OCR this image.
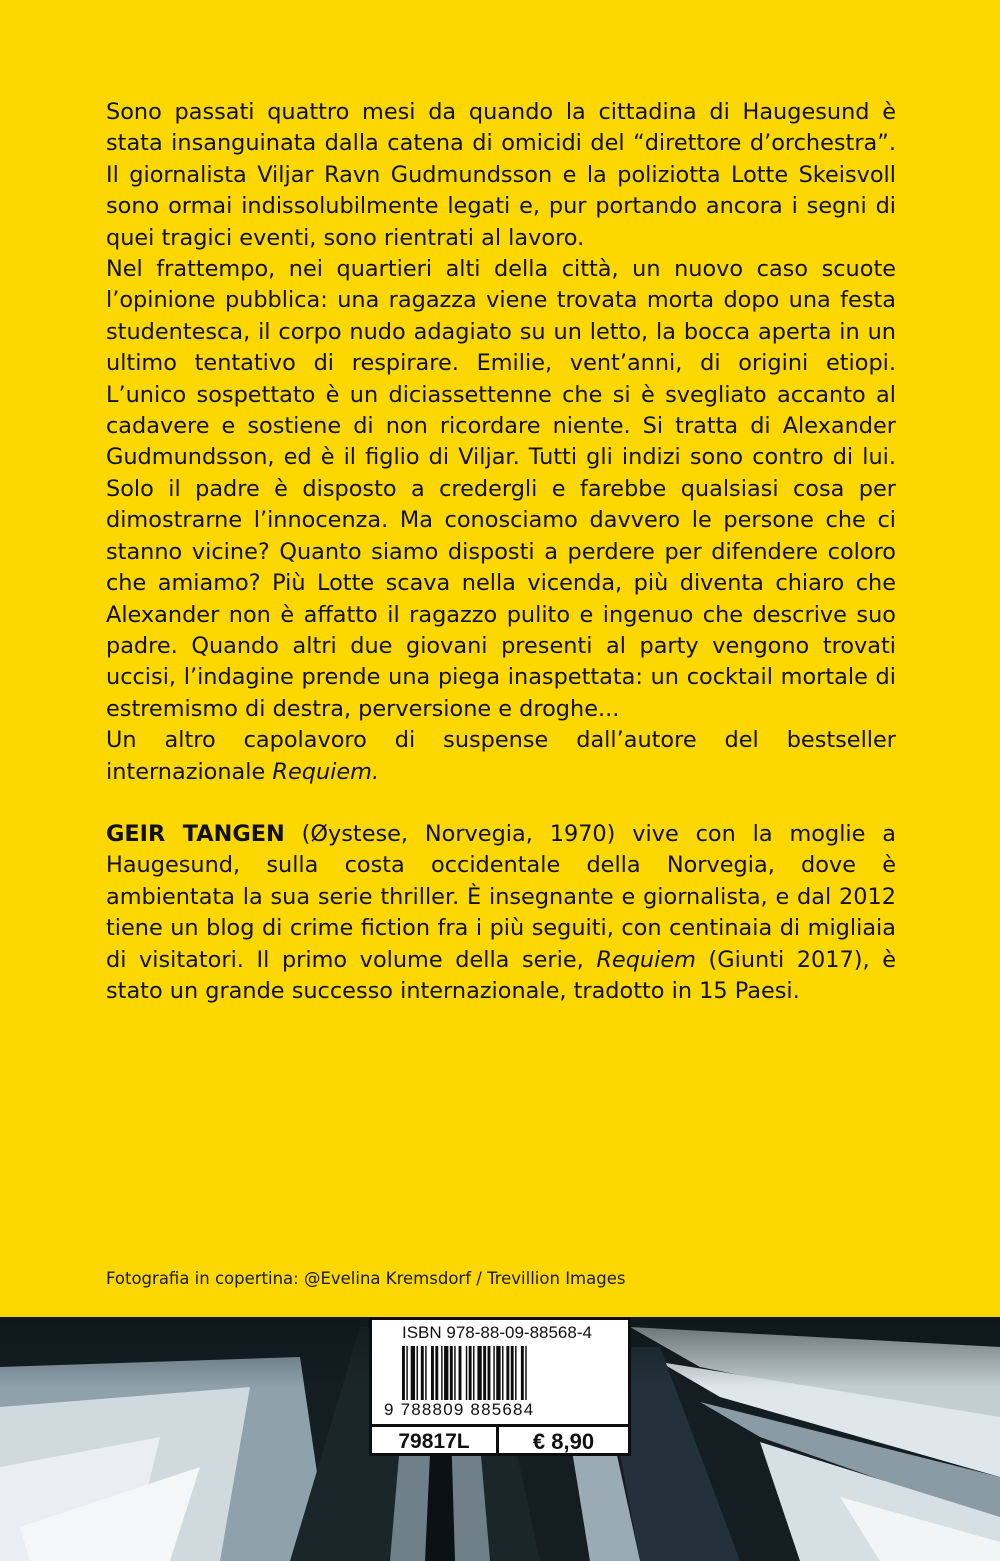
Sono passati quattro mesi da quando la cittadina di Haugesund è stata insanguinata dalla catena di omicidi del “direttore d’orchestra”. Il giornalista Viljar Ravn Gudmundsson e la poliziotta Lotte Skeisvoll sono ormai indissolubilmente legati e, pur portando ancora i segni di quei tragici eventi, sono rientrati al lavoro.

Nel frattempo, nei quartieri alti della città, un nuovo caso scuote l’opinione pubblica: una ragazza viene trovata morta dopo una festa studentesca, il corpo nudo adagiato su un letto, la bocca aperta in un ultimo tentativo di respirare. Emilie, vent’anni, di origini etiopi. L’unico sospettato è un diciassettenne che si è svegliato accanto al cadavere e sostiene di non ricordare niente. Si tratta di Alexander Gudmundsson, ed è il figlio di Viljar. Tutti gli indizi sono contro di lui. Solo il padre è disposto a credergli e farebbe qualsiasi cosa per dimostrarne l’innocenza. Ma conosciamo davvero le persone che ci stanno vicine? Quanto siamo disposti a perdere per difendere coloro che amiamo? Più Lotte scava nella vicenda, più diventa chiaro che Alexander non è affatto il ragazzo pulito e ingenuo che descrive suo padre. Quando altri due giovani presenti al party vengono trovati uccisi, l’indagine prende una piega inaspettata: un cocktail mortale di estremismo di destra, perversione e droghe...

Un altro capolavoro di suspense dall’autore del bestseller internazionale Requiem.

GEIR TANGEN (Øystese, Norvegia, 1970) vive con la moglie a Haugesund, sulla costa occidentale della Norvegia, dove è ambientata la sua serie thriller. È insegnante e giornalista, e dal 2012 tiene un blog di crime fiction fra i più seguiti, con centinaia di migliaia di visitatori. Il primo volume della serie, Requiem (Giunti 2017), è stato un grande successo internazionale, tradotto in 15 Paesi.

Fotografia in copertina: @Evelina Kremsdorf / Trevillion Images
ISBN 978-88-09-88568-4
9 788809 885684
79817L	€ 8,90
